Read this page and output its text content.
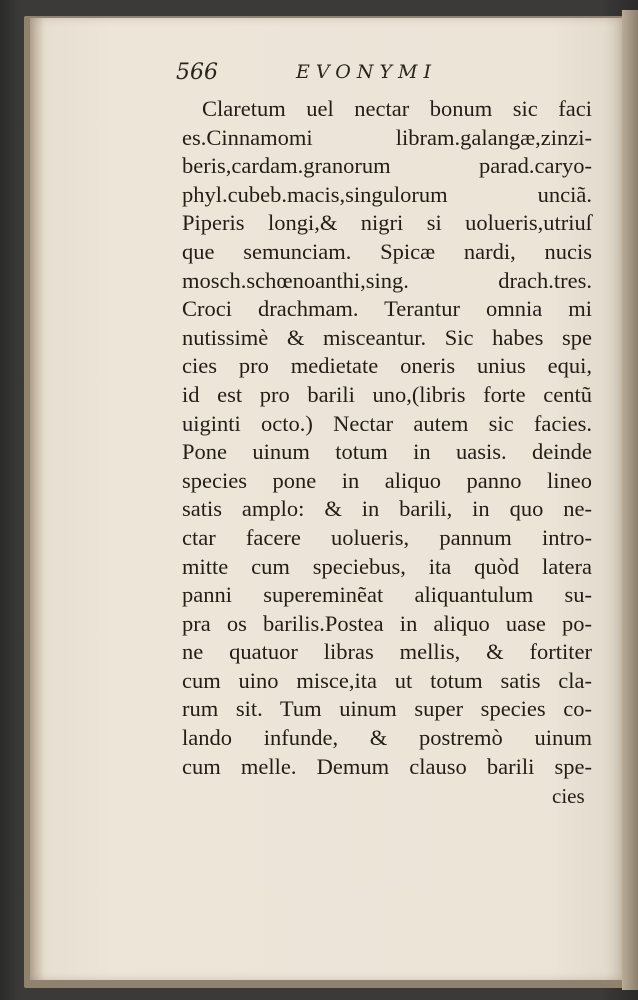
566	EVONYMI
Claretum uel nectar bonum sic faci
es.Cinnamomi libram.galangæ,zinzi-
beris,cardam.granorum parad.caryo-
phyl.cubeb.macis,singulorum unciã.
Piperis longi,& nigri si uolueris,utriuſ
que semunciam. Spicæ nardi, nucis
mosch.schœnoanthi,sing. drach.tres.
Croci drachmam. Terantur omnia mi
nutissimè & misceantur. Sic habes spe
cies pro medietate oneris unius equi,
id est pro barili uno,(libris forte centũ
uiginti octo.) Nectar autem sic facies.
Pone uinum totum in uasis. deinde
species pone in aliquo panno lineo
satis amplo: & in barili, in quo ne-
ctar facere uolueris, pannum intro-
mitte cum speciebus, ita quòd latera
panni supereminẽat aliquantulum su-
pra os barilis.Postea in aliquo uase po-
ne quatuor libras mellis, & fortiter
cum uino misce,ita ut totum satis cla-
rum sit. Tum uinum super species co-
lando infunde, & postremò uinum
cum melle. Demum clauso barili spe-
cies
